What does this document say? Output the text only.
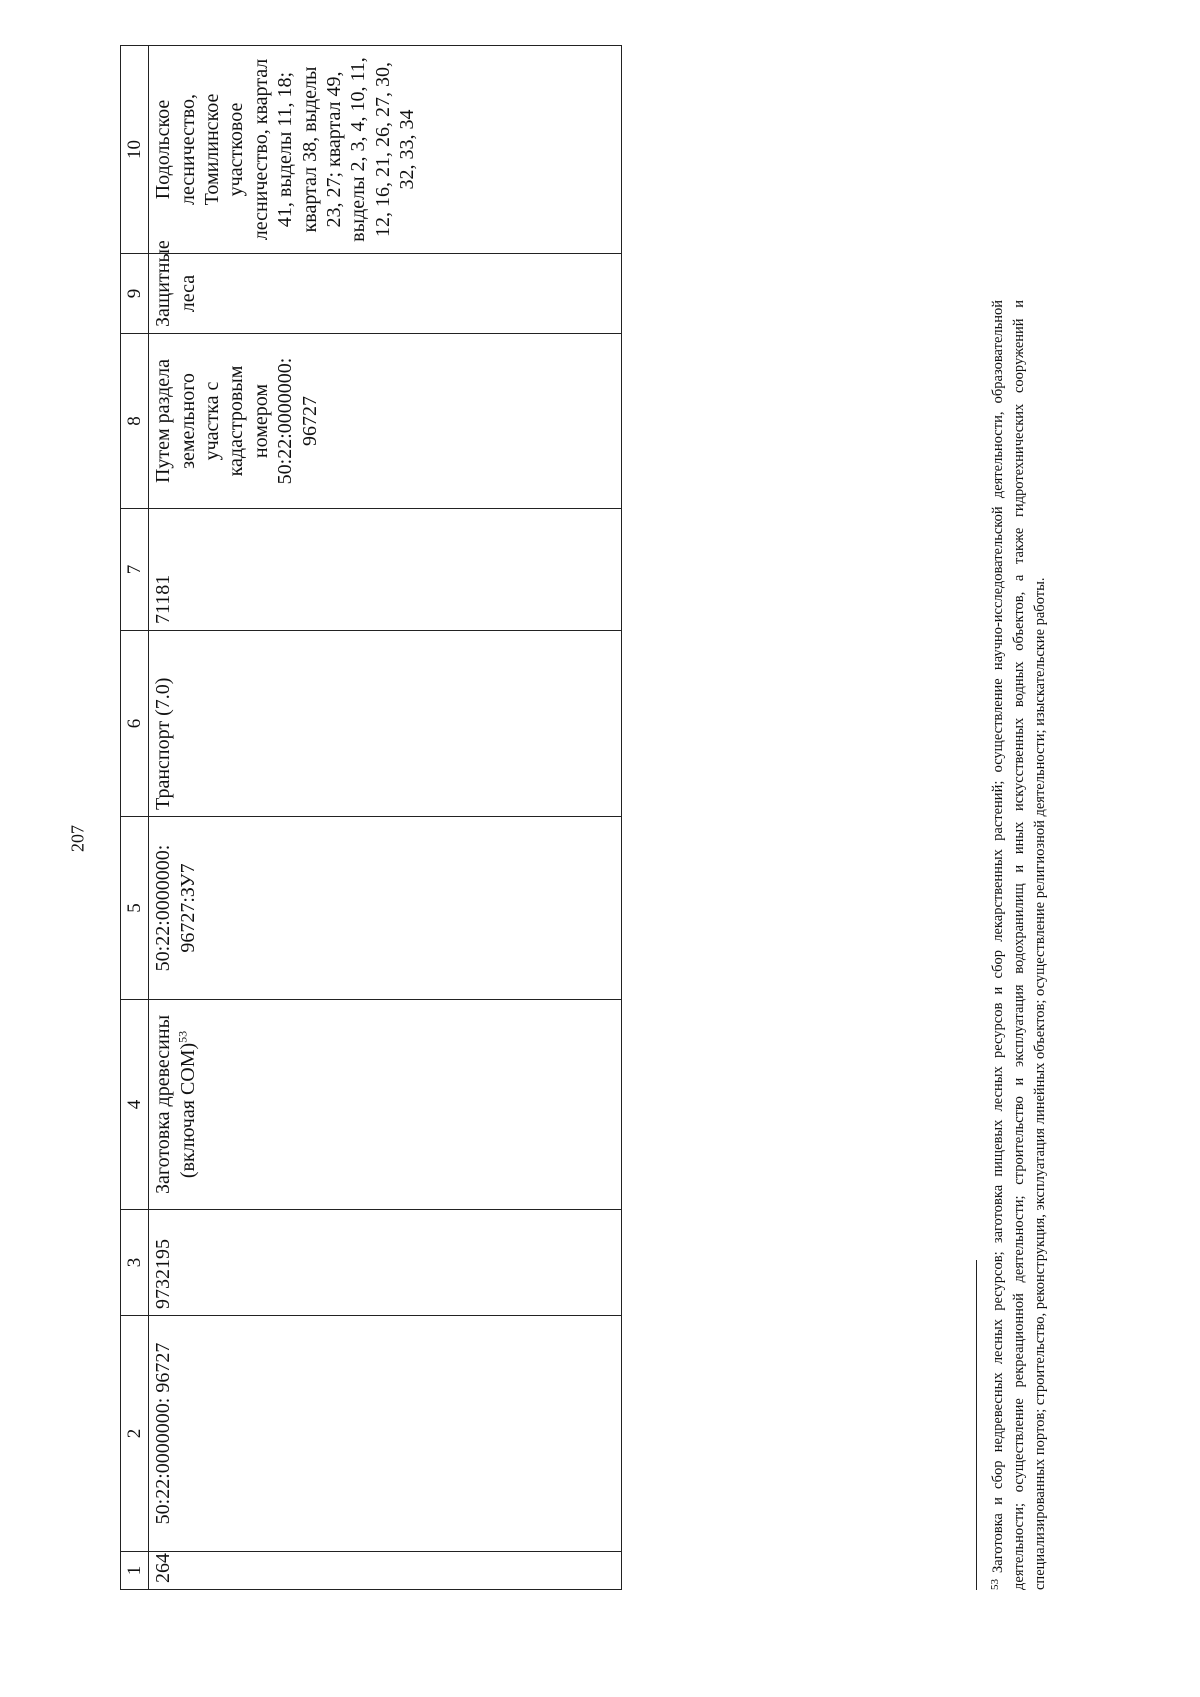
207
1	2	3	4	5	6	7	8	9	10
264	50:22:0000000: 96727	9732195	Заготовка древесины (включая СОМ)$^{53}$	50:22:0000000: 96727:ЗУ7	Транспорт (7.0)	71181	Путем раздела земельного участка с кадастровым номером 50:22:0000000: 96727	Защитные леса	Подольское лесничество, Томилинское участковое лесничество, квартал 41, выделы 11, 18; квартал 38, выделы 23, 27; квартал 49, выделы 2, 3, 4, 10, 11, 12, 16, 21, 26, 27, 30, 32, 33, 34
$^{53}$Заготовка и сбор недревесных лесных ресурсов; заготовка пищевых лесных ресурсов и сбор лекарственных растений; осуществление научно-исследовательской деятельности, образовательной деятельности; осуществление рекреационной деятельности; строительство и эксплуатация водохранилищ и иных искусственных водных объектов, а также гидротехнических сооружений и специализированных портов; строительство, реконструкция, эксплуатация линейных объектов; осуществление религиозной деятельности; изыскательские работы.
